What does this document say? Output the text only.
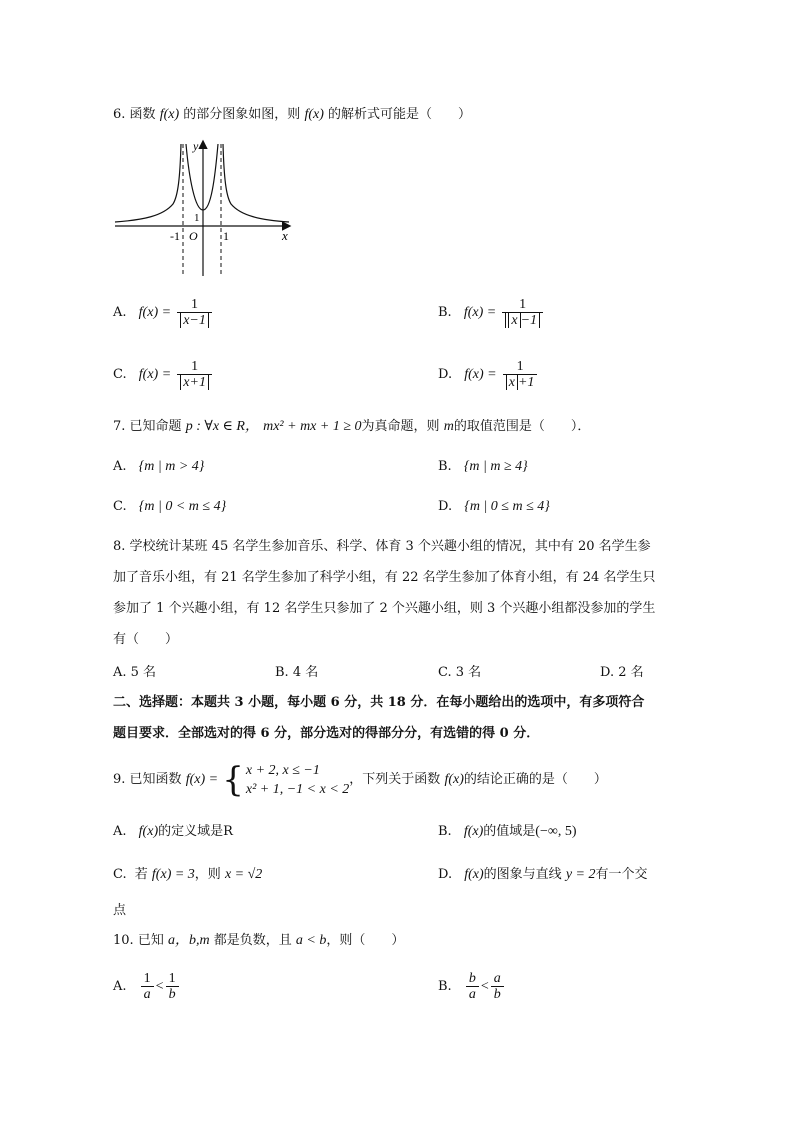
6. 函数 f(x) 的部分图象如图，则 f(x) 的解析式可能是（　　）
y
x
O
-1	1
1
A. $f(x) = \frac{1}{x-1}$	B. $f(x) = \frac{1}{x -1}$
C. $f(x) = \frac{1}{x+1}$	D. $f(x) = \frac{1}{x +1}$
7. 已知命题 p : ∀x ∈ R， mx² + mx + 1 ≥ 0为真命题，则 m的取值范围是（　　）．
A. {m | m > 4}	B. {m | m ≥ 4}
C. {m | 0 < m ≤ 4}	D. {m | 0 ≤ m ≤ 4}
8. 学校统计某班 45 名学生参加音乐、科学、体育 3 个兴趣小组的情况，其中有 20 名学生参
加了音乐小组，有 21 名学生参加了科学小组，有 22 名学生参加了体育小组，有 24 名学生只
参加了 1 个兴趣小组，有 12 名学生只参加了 2 个兴趣小组，则 3 个兴趣小组都没参加的学生
有（　　）
A. 5 名	B. 4 名	C. 3 名	D. 2 名
二、选择题：本题共 3 小题，每小题 6 分，共 18 分．在每小题给出的选项中，有多项符合
题目要求．全部选对的得 6 分，部分选对的得部分分，有选错的得 0 分．
9. 已知函数 f(x) = { x + 2, x ≤ −1
x² + 1, −1 < x < 2
，下列关于函数 f(x)的结论正确的是（　　）
A. f(x)的定义域是R	B. f(x)的值域是(−∞, 5)
C. 若 f(x) = 3，则 x = √2	D. f(x)的图象与直线 y = 2有一个交
点
10. 已知 a，b,m 都是负数，且 a < b，则（　　）
A. $\frac{1}{a} < \frac{1}{b}$	B. $\frac{b}{a} < \frac{a}{b}$
